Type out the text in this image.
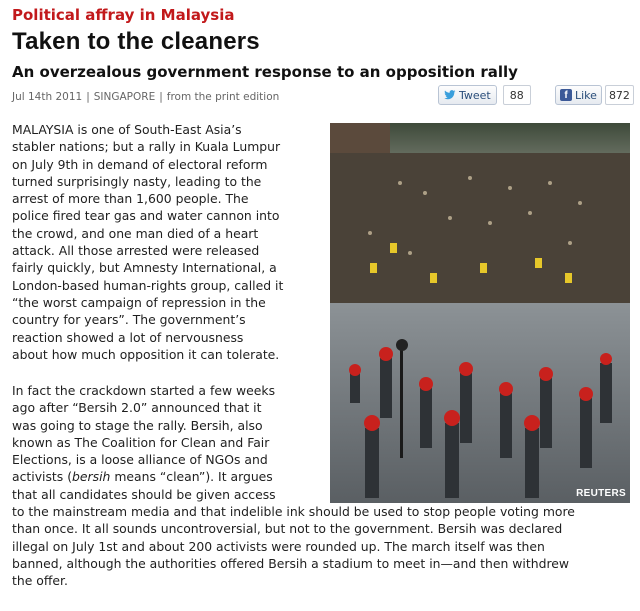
Political affray in Malaysia
Taken to the cleaners
An overzealous government response to an opposition rally
Jul 14th 2011 | SINGAPORE | from the print edition	Tweet	88	f Like	872
MALAYSIA is one of South-East Asia’s
stabler nations; but a rally in Kuala Lumpur
on July 9th in demand of electoral reform
turned surprisingly nasty, leading to the
arrest of more than 1,600 people. The
police fired tear gas and water cannon into
the crowd, and one man died of a heart
attack. All those arrested were released
fairly quickly, but Amnesty International, a
London-based human-rights group, called it
“the worst campaign of repression in the
country for years”. The government’s
reaction showed a lot of nervousness
about how much opposition it can tolerate.
In fact the crackdown started a few weeks
ago after “Bersih 2.0” announced that it
was going to stage the rally. Bersih, also
known as The Coalition for Clean and Fair
Elections, is a loose alliance of NGOs and
activists (bersih means “clean”). It argues
that all candidates should be given access
to the mainstream media and that indelible ink should be used to stop people voting more
than once. It all sounds uncontroversial, but not to the government. Bersih was declared
illegal on July 1st and about 200 activists were rounded up. The march itself was then
banned, although the authorities offered Bersih a stadium to meet in—and then withdrew
the offer.
REUTERS
